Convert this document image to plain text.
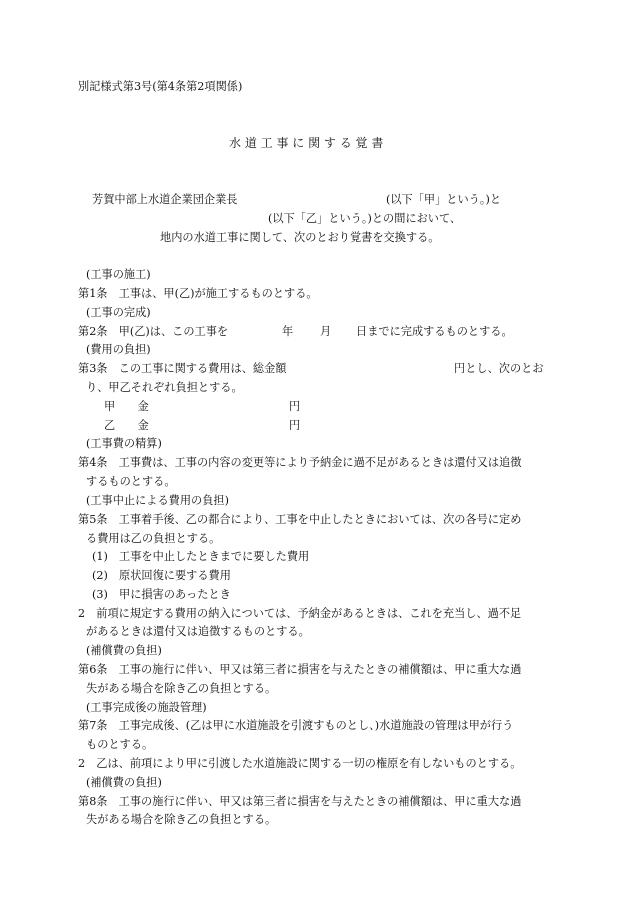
別記様式第3号(第4条第2項関係)
水 道 工 事 に 関 す る 覚 書
芳賀中部上水道企業団企業長	(以下「甲」という。)と
(以下「乙」という。)との間において、
地内の水道工事に関して、次のとおり覚書を交換する。
(工事の施工)
第1条　工事は、甲(乙)が施工するものとする。
(工事の完成)
第2条　甲(乙)は、この工事を	年 月 日までに完成するものとする。
(費用の負担)
第3条　この工事に関する費用は、総金額	円とし、次のとお
り、甲乙それぞれ負担とする。
甲　　金	円
乙　　金	円
(工事費の精算)
第4条　工事費は、工事の内容の変更等により予納金に過不足があるときは還付又は追徴
するものとする。
(工事中止による費用の負担)
第5条　工事着手後、乙の都合により、工事を中止したときにおいては、次の各号に定め
る費用は乙の負担とする。
(1)　工事を中止したときまでに要した費用
(2)　原状回復に要する費用
(3)　甲に損害のあったとき
2　前項に規定する費用の納入については、予納金があるときは、これを充当し、過不足
があるときは還付又は追徴するものとする。
(補償費の負担)
第6条　工事の施行に伴い、甲又は第三者に損害を与えたときの補償額は、甲に重大な過
失がある場合を除き乙の負担とする。
(工事完成後の施設管理)
第7条　工事完成後、(乙は甲に水道施設を引渡すものとし、)水道施設の管理は甲が行う
ものとする。
2　乙は、前項により甲に引渡した水道施設に関する一切の権原を有しないものとする。
(補償費の負担)
第8条　工事の施行に伴い、甲又は第三者に損害を与えたときの補償額は、甲に重大な過
失がある場合を除き乙の負担とする。
